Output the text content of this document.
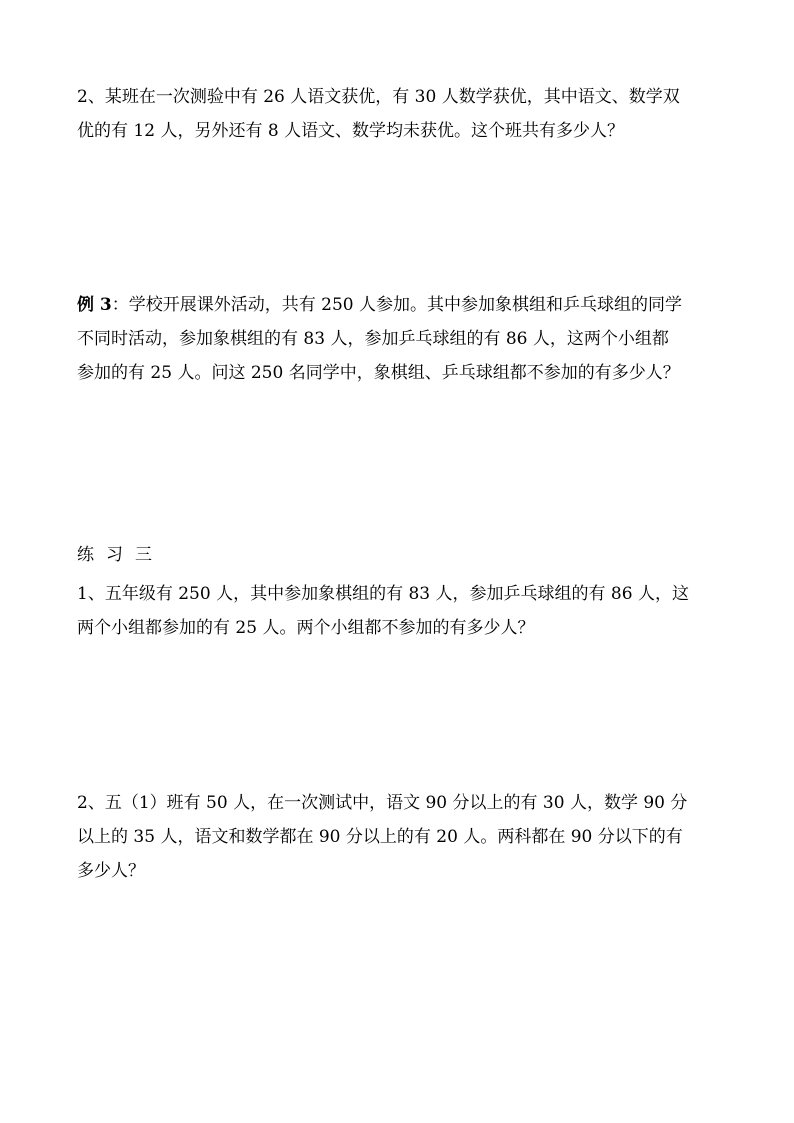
2、某班在一次测验中有 26 人语文获优，有 30 人数学获优，其中语文、数学双
优的有 12 人，另外还有 8 人语文、数学均未获优。这个班共有多少人？
例 3：学校开展课外活动，共有 250 人参加。其中参加象棋组和乒乓球组的同学
不同时活动，参加象棋组的有 83 人，参加乒乓球组的有 86 人，这两个小组都
参加的有 25 人。问这 250 名同学中，象棋组、乒乓球组都不参加的有多少人？
练习三
1、五年级有 250 人，其中参加象棋组的有 83 人，参加乒乓球组的有 86 人，这
两个小组都参加的有 25 人。两个小组都不参加的有多少人？
2、五（1）班有 50 人，在一次测试中，语文 90 分以上的有 30 人，数学 90 分
以上的 35 人，语文和数学都在 90 分以上的有 20 人。两科都在 90 分以下的有
多少人？
